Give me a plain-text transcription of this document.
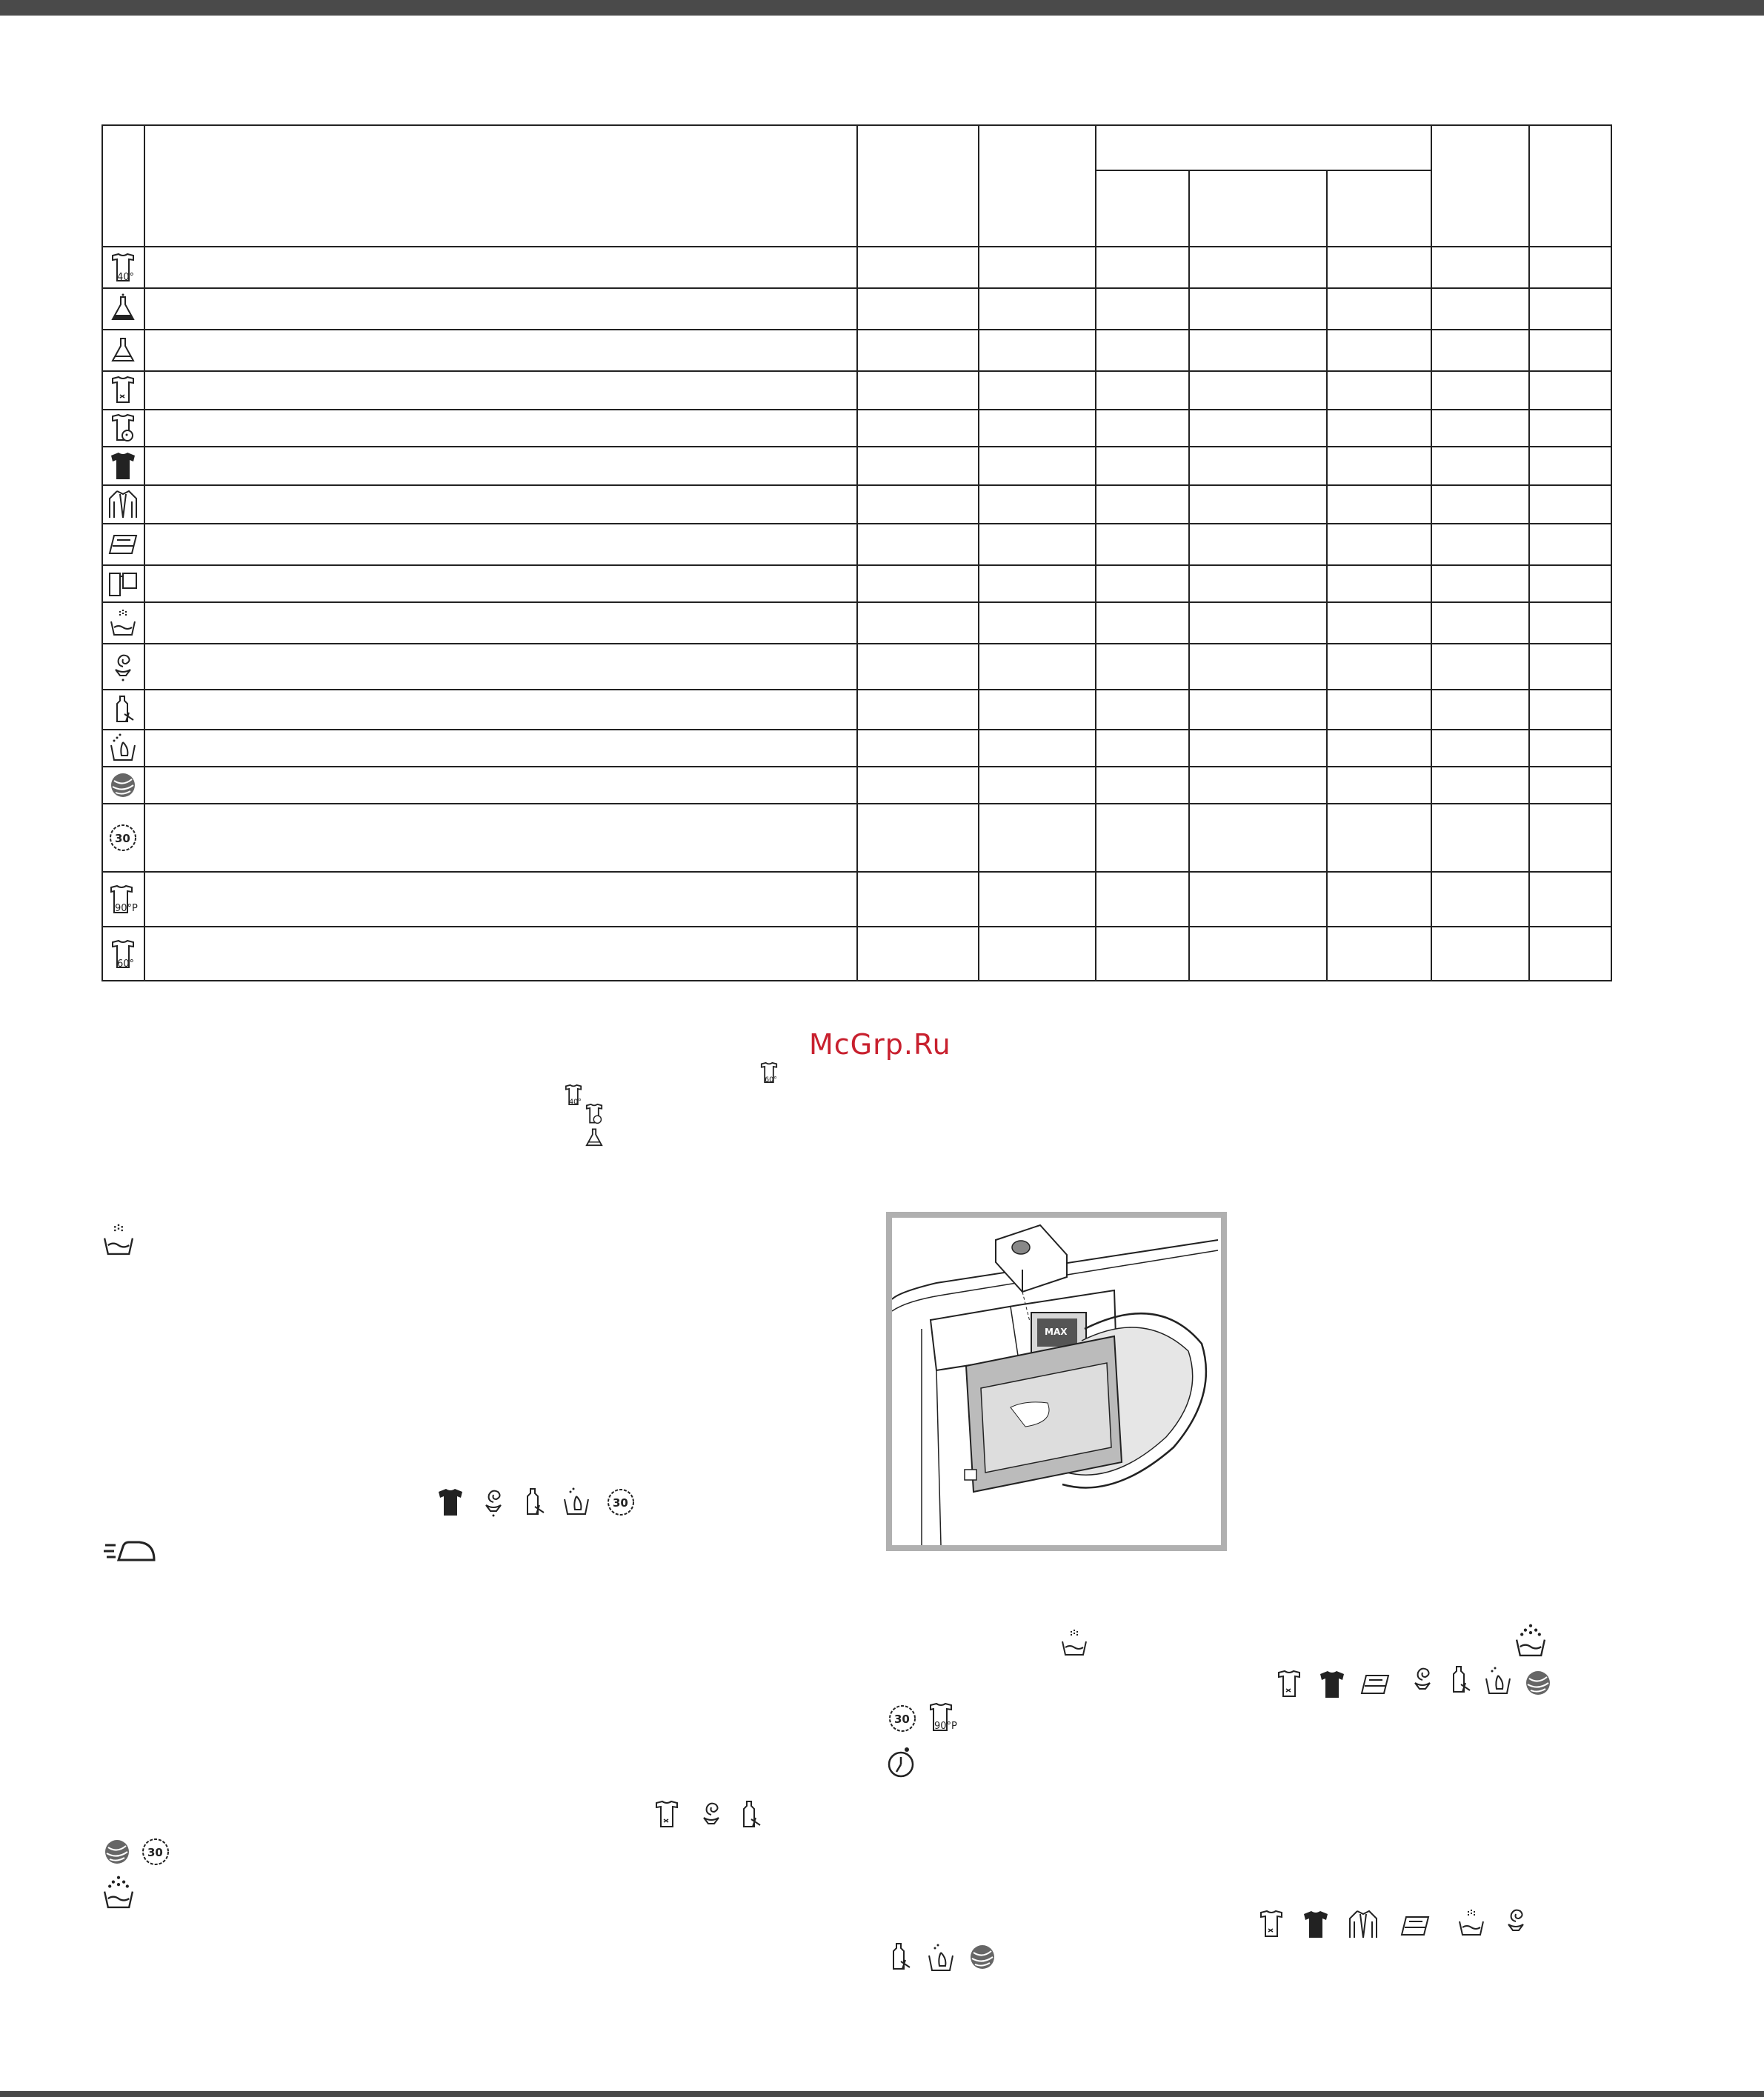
40°
30
90°P
60°
McGrp.Ru
60°
40°
30
30
MAX
30
90°P
